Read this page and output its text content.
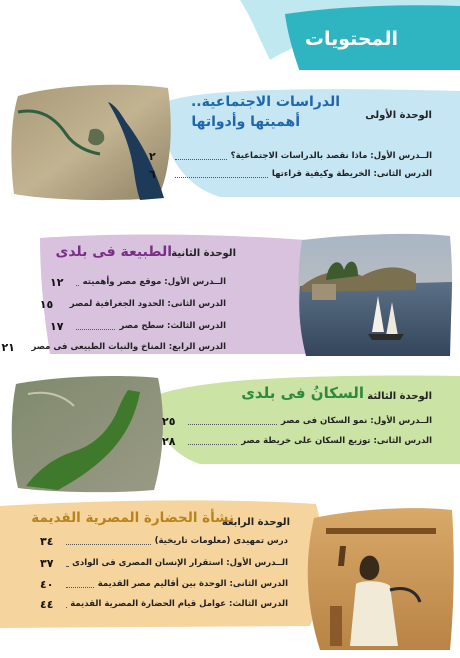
المحتويات
الوحدة الأولى
الدراسات الاجتماعية..
أهميتها وأدواتها
الــدرس الأول: ماذا نقصد بالدراسات الاجتماعية؟
٢
الدرس الثانى: الخريطة وكيفية قراءتها
٦
الوحدة الثانية
الطبيعة فى بلدى
الــدرس الأول: موقع مصر وأهميته
١٢
الدرس الثانى: الحدود الجغرافية لمصر
١٥
الدرس الثالث: سطح مصر
١٧
الدرس الرابع: المناخ والنبات الطبيعى فى مصر
٢١
الوحدة الثالثة
السكانُ فى بلدى
الــدرس الأول: نمو السكان فى مصر
٢٥
الدرس الثانى: توزيع السكان على خريطة مصر
٢٨
الوحدة الرابعة
نشأة الحضارة المصرية القديمة
درس تمهيدى (معلومات تاريخية)
٣٤
الــدرس الأول: استقرار الإنسان المصرى فى الوادى
٣٧
الدرس الثانى: الوحدة بين أقاليم مصر القديمة
٤٠
الدرس الثالث: عوامل قيام الحضارة المصرية القديمة
٤٤
